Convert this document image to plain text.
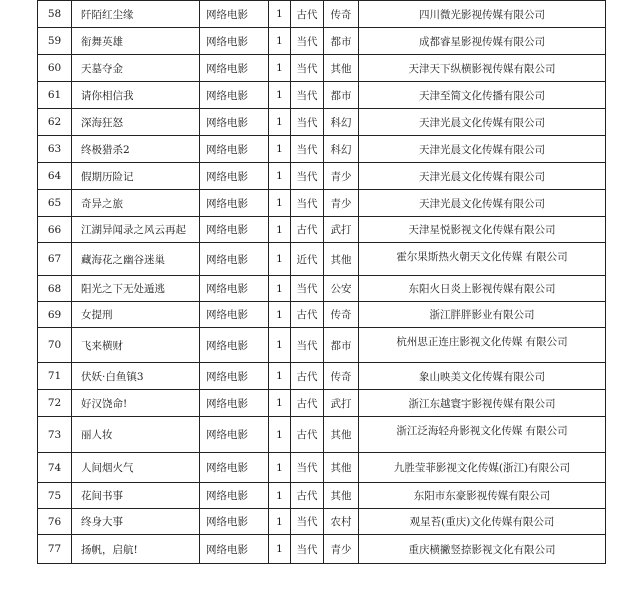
58	阡陌红尘缘	网络电影	1	古代	传奇	四川微光影视传媒有限公司
59	衔舞英雄	网络电影	1	当代	都市	成都睿星影视传媒有限公司
60	天墓夺金	网络电影	1	当代	其他	天津天下纵横影视传媒有限公司
61	请你相信我	网络电影	1	当代	都市	天津至简文化传播有限公司
62	深海狂怒	网络电影	1	当代	科幻	天津光晨文化传媒有限公司
63	终极猎杀2	网络电影	1	当代	科幻	天津光晨文化传媒有限公司
64	假期历险记	网络电影	1	当代	青少	天津光晨文化传媒有限公司
65	奇异之旅	网络电影	1	当代	青少	天津光晨文化传媒有限公司
66	江湖异闻录之风云再起	网络电影	1	古代	武打	天津星悦影视文化传媒有限公司
67	藏海花之幽谷迷巢	网络电影	1	近代	其他	霍尔果斯热火朝天文化传媒 有限公司
68	阳光之下无处遁逃	网络电影	1	当代	公安	东阳火日炎上影视传媒有限公司
69	女提刑	网络电影	1	古代	传奇	浙江胖胖影业有限公司
70	飞来横财	网络电影	1	当代	都市	杭州思正连庄影视文化传媒 有限公司
71	伏妖·白鱼镇3	网络电影	1	古代	传奇	象山映美文化传媒有限公司
72	好汉饶命!	网络电影	1	古代	武打	浙江东越寰宇影视传媒有限公司
73	丽人妆	网络电影	1	古代	其他	浙江泛海轻舟影视文化传媒 有限公司
74	人间烟火气	网络电影	1	当代	其他	九胜莹菲影视文化传媒(浙江)有限公司
75	花间书事	网络电影	1	古代	其他	东阳市东豪影视传媒有限公司
76	终身大事	网络电影	1	当代	农村	观星苔(重庆)文化传媒有限公司
77	扬帆，启航!	网络电影	1	当代	青少	重庆横撇竖捺影视文化有限公司
